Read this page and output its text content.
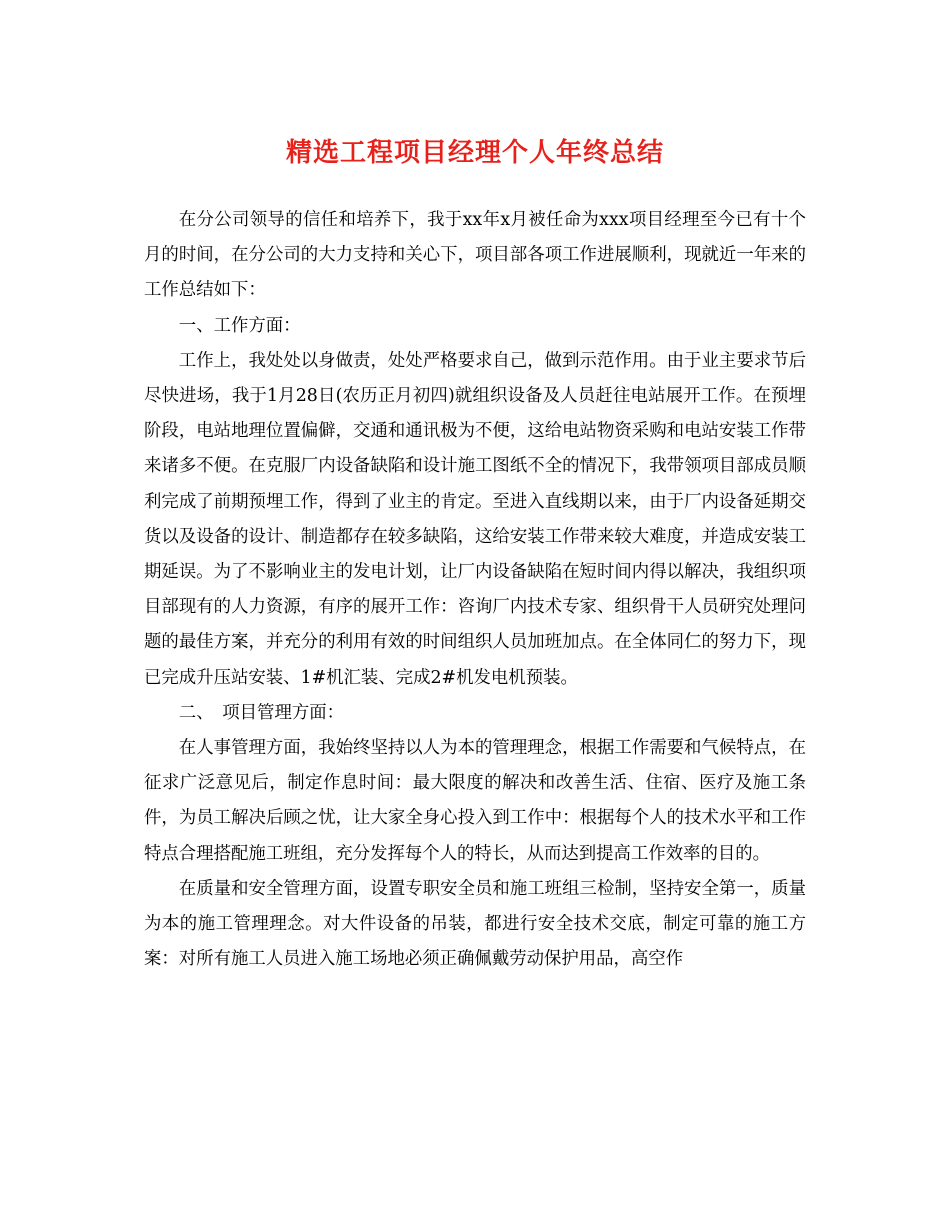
精选工程项目经理个人年终总结

在分公司领导的信任和培养下，我于xx年x月被任命为xxx项目经理至今已有十个月的时间，在分公司的大力支持和关心下，项目部各项工作进展顺利，现就近一年来的工作总结如下：

一、工作方面：

工作上，我处处以身做责，处处严格要求自己，做到示范作用。由于业主要求节后尽快进场，我于1月28日(农历正月初四)就组织设备及人员赶往电站展开工作。在预埋阶段，电站地理位置偏僻，交通和通讯极为不便，这给电站物资采购和电站安装工作带来诸多不便。在克服厂内设备缺陷和设计施工图纸不全的情况下，我带领项目部成员顺利完成了前期预埋工作，得到了业主的肯定。至进入直线期以来，由于厂内设备延期交货以及设备的设计、制造都存在较多缺陷，这给安装工作带来较大难度，并造成安装工期延误。为了不影响业主的发电计划，让厂内设备缺陷在短时间内得以解决，我组织项目部现有的人力资源，有序的展开工作：咨询厂内技术专家、组织骨干人员研究处理问题的最佳方案，并充分的利用有效的时间组织人员加班加点。在全体同仁的努力下，现已完成升压站安装、1#机汇装、完成2#机发电机预装。

二、　项目管理方面：

在人事管理方面，我始终坚持以人为本的管理理念，根据工作需要和气候特点，在征求广泛意见后，制定作息时间：最大限度的解决和改善生活、住宿、医疗及施工条件，为员工解决后顾之忧，让大家全身心投入到工作中：根据每个人的技术水平和工作特点合理搭配施工班组，充分发挥每个人的特长，从而达到提高工作效率的目的。

在质量和安全管理方面，设置专职安全员和施工班组三检制，坚持安全第一，质量为本的施工管理理念。对大件设备的吊装，都进行安全技术交底，制定可靠的施工方案：对所有施工人员进入施工场地必须正确佩戴劳动保护用品，高空作
